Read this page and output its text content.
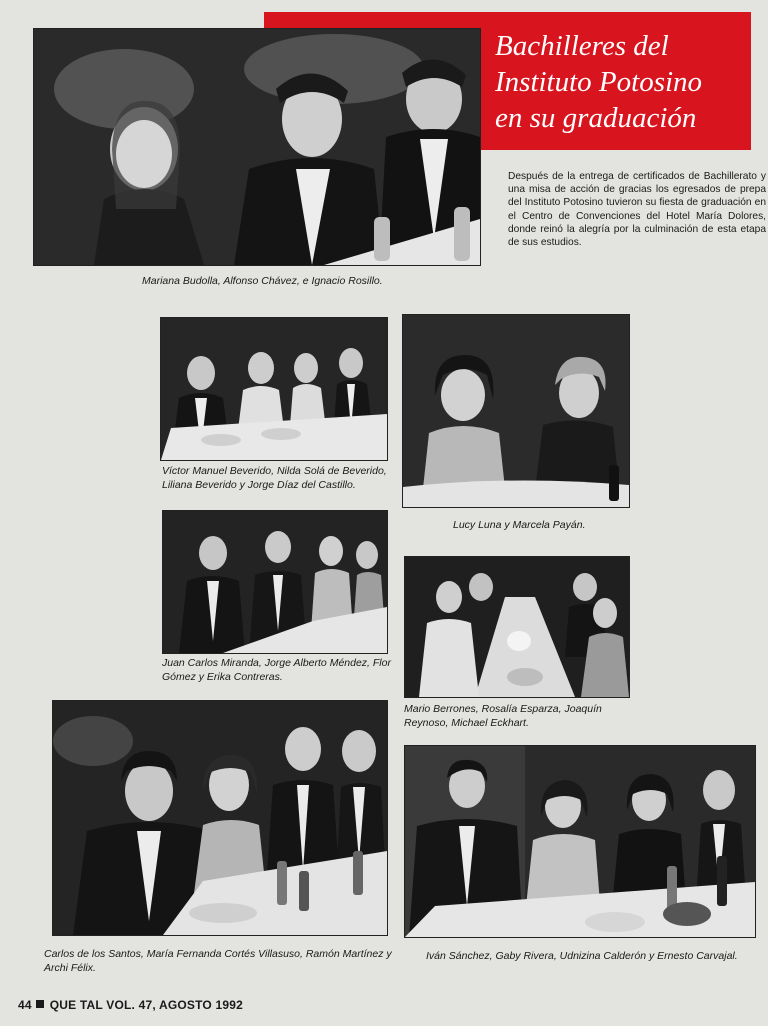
Bachilleres del
Instituto Potosino
en su graduación
Mariana Budolla, Alfonso Chávez, e Ignacio Rosillo.
Después de la entrega de certificados de Bachillerato y una misa de acción de gracias los egresados de prepa del Instituto Potosino tuvieron su fiesta de graduación en el Centro de Convenciones del Hotel María Dolores, donde reinó la alegría por la culminación de esta etapa de sus estudios.
Víctor Manuel Beverido, Nilda Solá de Beverido, Liliana Beverido y Jorge Díaz del Castillo.
Lucy Luna y Marcela Payán.
Juan Carlos Miranda, Jorge Alberto Méndez, Flor Gómez y Erika Contreras.
Mario Berrones, Rosalía Esparza, Joaquín Reynoso, Michael Eckhart.
Carlos de los Santos, María Fernanda Cortés Villasuso, Ramón Martínez y Archi Félix.
Iván Sánchez, Gaby Rivera, Udnizina Calderón y Ernesto Carvajal.
44 QUE TAL VOL. 47, AGOSTO 1992
